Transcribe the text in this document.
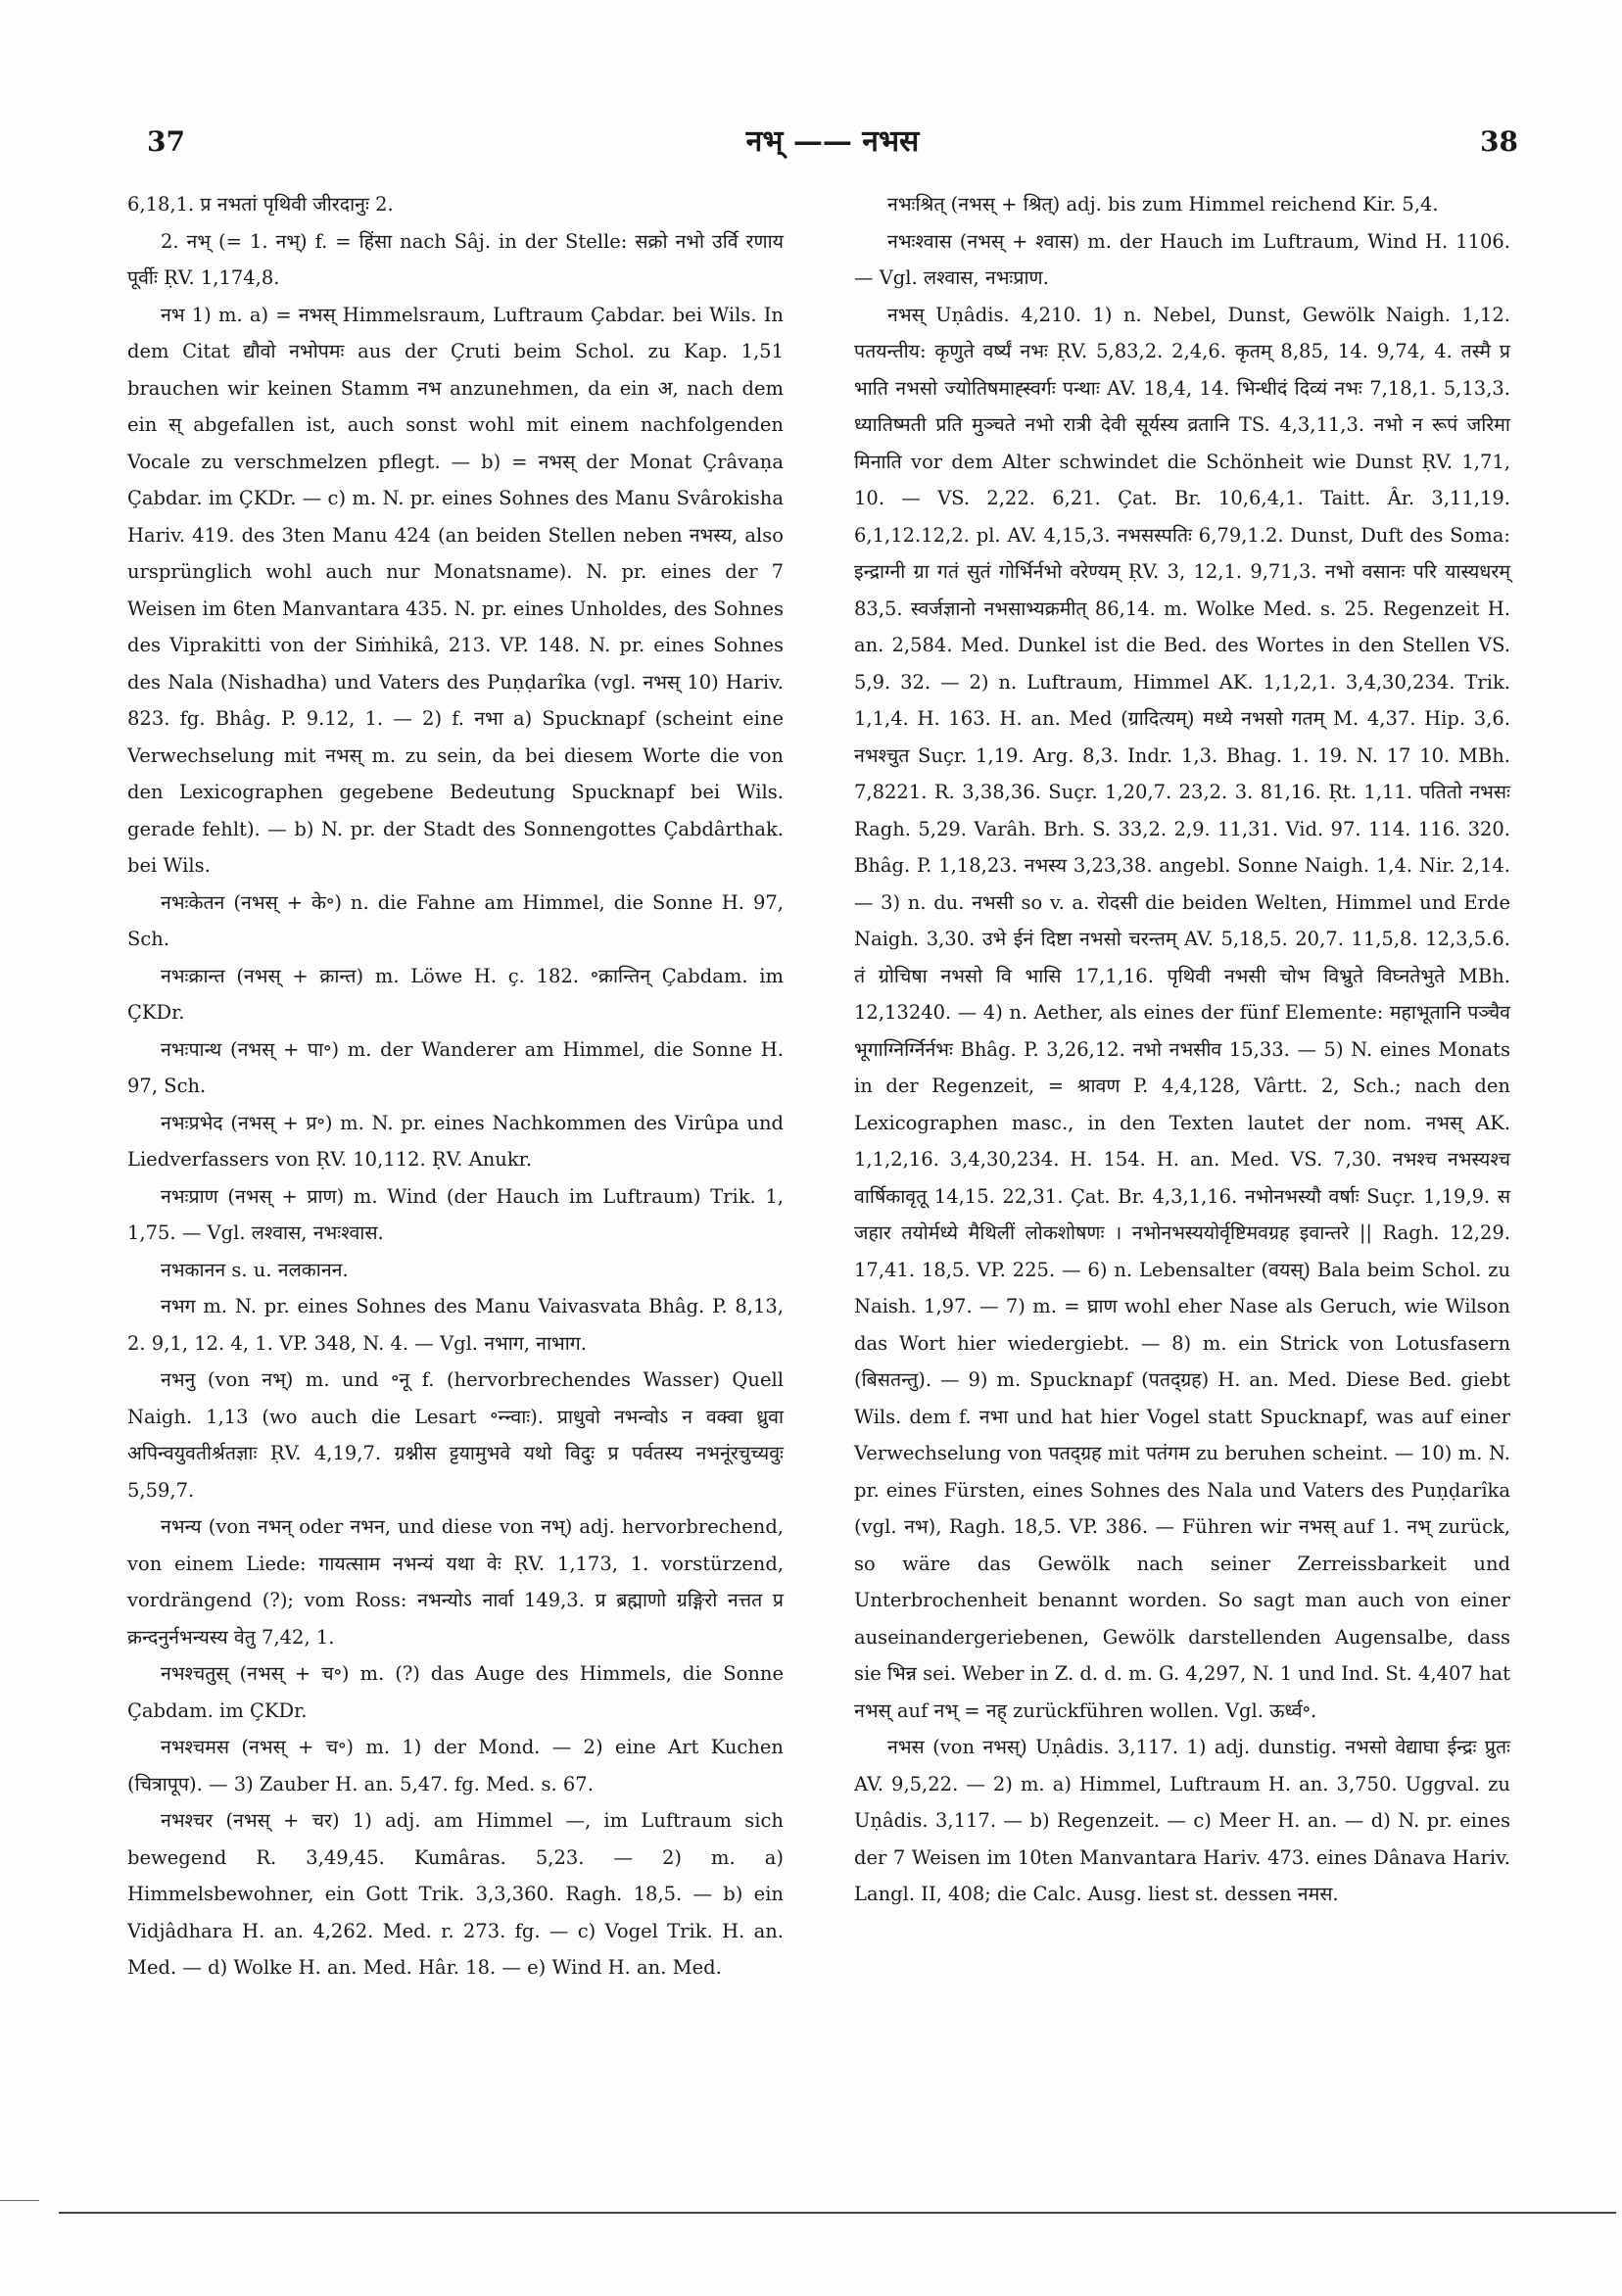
37	नभ् —— नभस	38

6,18,1. प्र नभतां पृथिवी जीरदानुः 2.

2. नभ् (= 1. नभ्) f. = हिंसा nach Sâj. in der Stelle: सक्रो नभो उर्वि रणाय पूर्वीः ṚV. 1,174,8.

नभ 1) m. a) = नभस् Himmelsraum, Luftraum Çabdar. bei Wils. In dem Citat द्यौवो नभोपमः aus der Çruti beim Schol. zu Kap. 1,51 brauchen wir keinen Stamm नभ anzunehmen, da ein अ, nach dem ein स् abgefallen ist, auch sonst wohl mit einem nachfolgenden Vocale zu verschmelzen pflegt. — b) = नभस् der Monat Çrâvaṇa Çabdar. im ÇKDr. — c) m. N. pr. eines Sohnes des Manu Svârokisha Hariv. 419. des 3ten Manu 424 (an beiden Stellen neben नभस्य, also ursprünglich wohl auch nur Monatsname). N. pr. eines der 7 Weisen im 6ten Manvantara 435. N. pr. eines Unholdes, des Sohnes des Viprakitti von der Siṁhikâ, 213. VP. 148. N. pr. eines Sohnes des Nala (Nishadha) und Vaters des Puṇḍarîka (vgl. नभस् 10) Hariv. 823. fg. Bhâg. P. 9.12, 1. — 2) f. नभा a) Spucknapf (scheint eine Verwechselung mit नभस् m. zu sein, da bei diesem Worte die von den Lexicographen gegebene Bedeutung Spucknapf bei Wils. gerade fehlt). — b) N. pr. der Stadt des Sonnengottes Çabdârthak. bei Wils.

नभःकेतन (नभस् + के॰) n. die Fahne am Himmel, die Sonne H. 97, Sch.

नभःक्रान्त (नभस् + क्रान्त) m. Löwe H. ç. 182. ॰क्रान्तिन् Çabdam. im ÇKDr.

नभःपान्थ (नभस् + पा॰) m. der Wanderer am Himmel, die Sonne H. 97, Sch.

नभःप्रभेद (नभस् + प्र॰) m. N. pr. eines Nachkommen des Virûpa und Liedverfassers von ṚV. 10,112. ṚV. Anukr.

नभःप्राण (नभस् + प्राण) m. Wind (der Hauch im Luftraum) Trik. 1, 1,75. — Vgl. लश्वास, नभःश्वास.

नभकानन s. u. नलकानन.

नभग m. N. pr. eines Sohnes des Manu Vaivasvata Bhâg. P. 8,13, 2. 9,1, 12. 4, 1. VP. 348, N. 4. — Vgl. नभाग, नाभाग.

नभनु (von नभ्) m. und ॰नू f. (hervorbrechendes Wasser) Quell Naigh. 1,13 (wo auch die Lesart ॰न्न्वाः). प्राधुवो नभन्वोऽ न वक्वा ध्रुवा अपिन्वयुवतीर्श्रतज्ञाः ṚV. 4,19,7. ग्रश्नीस ट्टयामुभवे यथो विदुः प्र पर्वतस्य नभनूंरचुच्यवुः 5,59,7.

नभन्य (von नभन् oder नभन, und diese von नभ्) adj. hervorbrechend, von einem Liede: गायत्साम नभन्यं यथा वेः ṚV. 1,173, 1. vorstürzend, vordrängend (?); vom Ross: नभन्योऽ नार्वा 149,3. प्र ब्रह्माणो ग्रङ्गिरो नत्तत प्र क्रन्दनुर्नभन्यस्य वेतु 7,42, 1.

नभश्चतुस् (नभस् + च॰) m. (?) das Auge des Himmels, die Sonne Çabdam. im ÇKDr.

नभश्चमस (नभस् + च॰) m. 1) der Mond. — 2) eine Art Kuchen (चित्रापूप). — 3) Zauber H. an. 5,47. fg. Med. s. 67.

नभश्चर (नभस् + चर) 1) adj. am Himmel —, im Luftraum sich bewegend R. 3,49,45. Kumâras. 5,23. — 2) m. a) Himmelsbewohner, ein Gott Trik. 3,3,360. Ragh. 18,5. — b) ein Vidjâdhara H. an. 4,262. Med. r. 273. fg. — c) Vogel Trik. H. an. Med. — d) Wolke H. an. Med. Hâr. 18. — e) Wind H. an. Med.

नभःश्रित् (नभस् + श्रित्) adj. bis zum Himmel reichend Kir. 5,4.

नभःश्वास (नभस् + श्वास) m. der Hauch im Luftraum, Wind H. 1106. — Vgl. लश्वास, नभःप्राण.

नभस् Uṇâdis. 4,210. 1) n. Nebel, Dunst, Gewölk Naigh. 1,12. पतयन्तीय: कृणुते वर्ष्यं नभः ṚV. 5,83,2. 2,4,6. कृतम् 8,85, 14. 9,74, 4. तस्मै प्र भाति नभसो ज्योतिषमाह्स्वर्गः पन्थाः AV. 18,4, 14. भिन्धीदं दिव्यं नभः 7,18,1. 5,13,3. ध्यातिष्मती प्रति मुञ्चते नभो रात्री देवी सूर्यस्य व्रतानि TS. 4,3,11,3. नभो न रूपं जरिमा मिनाति vor dem Alter schwindet die Schönheit wie Dunst ṚV. 1,71, 10. — VS. 2,22. 6,21. Çat. Br. 10,6,4,1. Taitt. Âr. 3,11,19. 6,1,12.12,2. pl. AV. 4,15,3. नभसस्पतिः 6,79,1.2. Dunst, Duft des Soma: इन्द्राग्नी ग्रा गतं सुतं गोर्भिर्नभो वरेण्यम् ṚV. 3, 12,1. 9,71,3. नभो वसानः परि यास्यधरम् 83,5. स्वर्जज्ञानो नभसाभ्यक्रमीत् 86,14. m. Wolke Med. s. 25. Regenzeit H. an. 2,584. Med. Dunkel ist die Bed. des Wortes in den Stellen VS. 5,9. 32. — 2) n. Luftraum, Himmel AK. 1,1,2,1. 3,4,30,234. Trik. 1,1,4. H. 163. H. an. Med (ग्रादित्यम्) मध्ये नभसो गतम् M. 4,37. Hip. 3,6. नभश्चुत Suçr. 1,19. Arg. 8,3. Indr. 1,3. Bhag. 1. 19. N. 17 10. MBh. 7,8221. R. 3,38,36. Suçr. 1,20,7. 23,2. 3. 81,16. Ṛt. 1,11. पतितो नभसः Ragh. 5,29. Varâh. Brh. S. 33,2. 2,9. 11,31. Vid. 97. 114. 116. 320. Bhâg. P. 1,18,23. नभस्य 3,23,38. angebl. Sonne Naigh. 1,4. Nir. 2,14. — 3) n. du. नभसी so v. a. रोदसी die beiden Welten, Himmel und Erde Naigh. 3,30. उभे ईनं दिष्टा नभसो चरन्तम् AV. 5,18,5. 20,7. 11,5,8. 12,3,5.6. तं ग्रोचिषा नभसो वि भासि 17,1,16. पृथिवी नभसी चोभ विभ्रुते विघ्नतेभुते MBh. 12,13240. — 4) n. Aether, als eines der fünf Elemente: महाभूतानि पञ्चैव भूगाग्निर्ग्निर्नभः Bhâg. P. 3,26,12. नभो नभसीव 15,33. — 5) N. eines Monats in der Regenzeit, = श्रावण P. 4,4,128, Vârtt. 2, Sch.; nach den Lexicographen masc., in den Texten lautet der nom. नभस् AK. 1,1,2,16. 3,4,30,234. H. 154. H. an. Med. VS. 7,30. नभश्च नभस्यश्च वार्षिकावृतू 14,15. 22,31. Çat. Br. 4,3,1,16. नभोनभस्यौ वर्षाः Suçr. 1,19,9. स जहार तयोर्मध्ये मैथिलीं लोकशोषणः । नभोनभस्ययोर्वृष्टिमवग्रह इवान्तरे || Ragh. 12,29. 17,41. 18,5. VP. 225. — 6) n. Lebensalter (वयस्) Bala beim Schol. zu Naish. 1,97. — 7) m. = घ्राण wohl eher Nase als Geruch, wie Wilson das Wort hier wiedergiebt. — 8) m. ein Strick von Lotusfasern (बिसतन्तु). — 9) m. Spucknapf (पतद्ग्रह) H. an. Med. Diese Bed. giebt Wils. dem f. नभा und hat hier Vogel statt Spucknapf, was auf einer Verwechselung von पतद्ग्रह mit पतंगम zu beruhen scheint. — 10) m. N. pr. eines Fürsten, eines Sohnes des Nala und Vaters des Puṇḍarîka (vgl. नभ), Ragh. 18,5. VP. 386. — Führen wir नभस् auf 1. नभ् zurück, so wäre das Gewölk nach seiner Zerreissbarkeit und Unterbrochenheit benannt worden. So sagt man auch von einer auseinandergeriebenen, Gewölk darstellenden Augensalbe, dass sie भिन्न sei. Weber in Z. d. d. m. G. 4,297, N. 1 und Ind. St. 4,407 hat नभस् auf नभ् = नह् zurückführen wollen. Vgl. ऊर्ध्व॰.

नभस (von नभस्) Uṇâdis. 3,117. 1) adj. dunstig. नभसो वेद्याघा ईन्द्रः प्रुतः AV. 9,5,22. — 2) m. a) Himmel, Luftraum H. an. 3,750. Uggval. zu Uṇâdis. 3,117. — b) Regenzeit. — c) Meer H. an. — d) N. pr. eines der 7 Weisen im 10ten Manvantara Hariv. 473. eines Dânava Hariv. Langl. II, 408; die Calc. Ausg. liest st. dessen नमस.
